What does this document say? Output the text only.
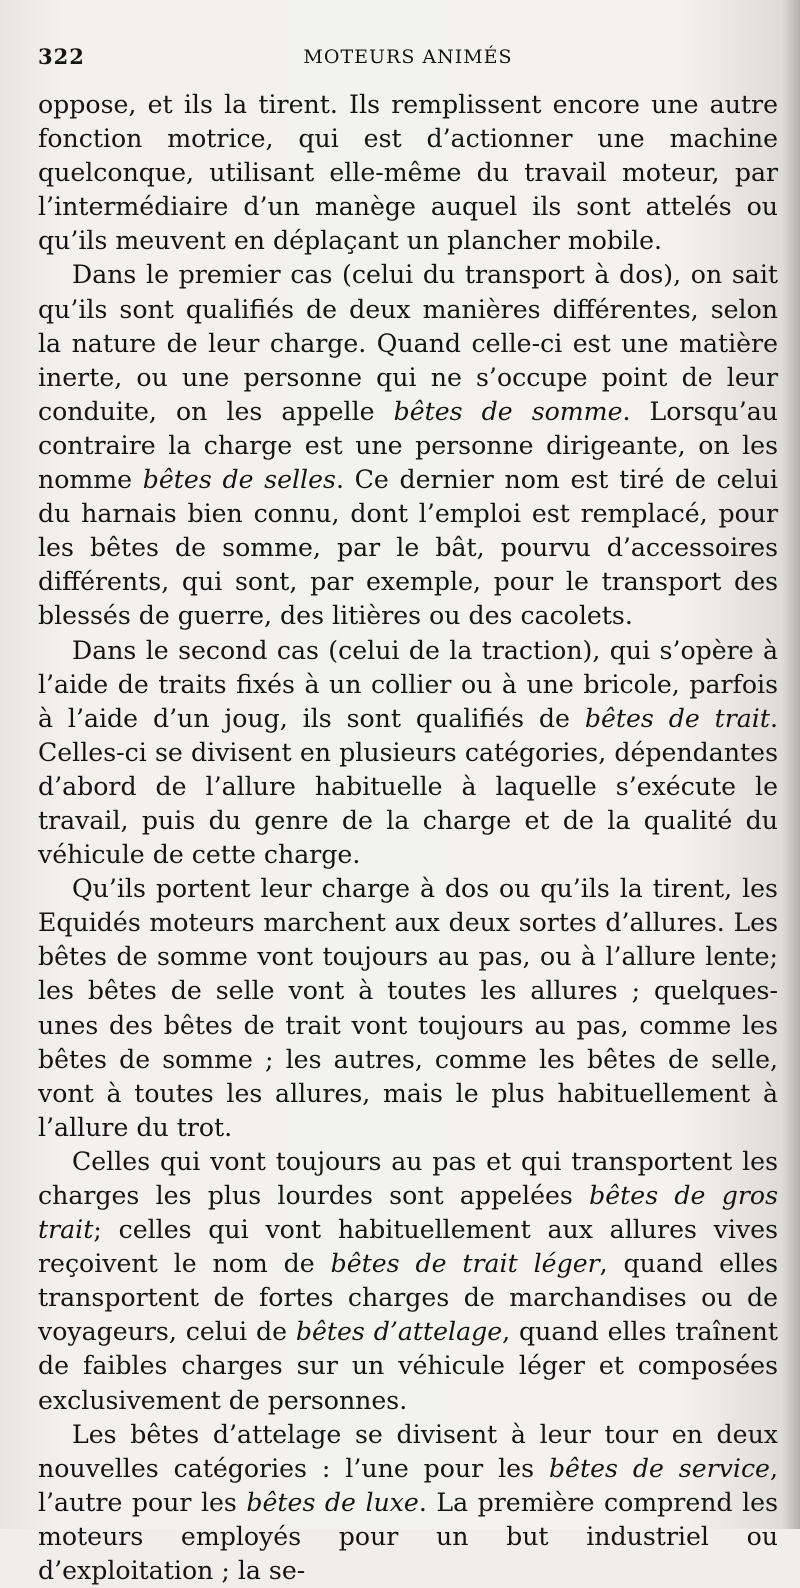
322	MOTEURS ANIMÉS

oppose, et ils la tirent. Ils remplissent encore une autre fonction motrice, qui est d’actionner une machine quelconque, utilisant elle-même du travail moteur, par l’intermédiaire d’un manège auquel ils sont attelés ou qu’ils meuvent en déplaçant un plancher mobile.

Dans le premier cas (celui du transport à dos), on sait qu’ils sont qualifiés de deux manières différentes, selon la nature de leur charge. Quand celle-ci est une matière inerte, ou une personne qui ne s’occupe point de leur conduite, on les appelle bêtes de somme. Lorsqu’au contraire la charge est une personne dirigeante, on les nomme bêtes de selles. Ce dernier nom est tiré de celui du harnais bien connu, dont l’emploi est remplacé, pour les bêtes de somme, par le bât, pourvu d’accessoires différents, qui sont, par exemple, pour le transport des blessés de guerre, des litières ou des cacolets.

Dans le second cas (celui de la traction), qui s’opère à l’aide de traits fixés à un collier ou à une bricole, parfois à l’aide d’un joug, ils sont qualifiés de bêtes de trait. Celles-ci se divisent en plusieurs catégories, dépendantes d’abord de l’allure habituelle à laquelle s’exécute le travail, puis du genre de la charge et de la qualité du véhicule de cette charge.

Qu’ils portent leur charge à dos ou qu’ils la tirent, les Equidés moteurs marchent aux deux sortes d’allures. Les bêtes de somme vont toujours au pas, ou à l’allure lente; les bêtes de selle vont à toutes les allures ; quelques-unes des bêtes de trait vont toujours au pas, comme les bêtes de somme ; les autres, comme les bêtes de selle, vont à toutes les allures, mais le plus habituellement à l’allure du trot.

Celles qui vont toujours au pas et qui transportent les charges les plus lourdes sont appelées bêtes de gros trait; celles qui vont habituellement aux allures vives reçoivent le nom de bêtes de trait léger, quand elles transportent de fortes charges de marchandises ou de voyageurs, celui de bêtes d’attelage, quand elles traînent de faibles charges sur un véhicule léger et composées exclusivement de personnes.

Les bêtes d’attelage se divisent à leur tour en deux nouvelles catégories : l’une pour les bêtes de service, l’autre pour les bêtes de luxe. La première comprend les moteurs employés pour un but industriel ou d’exploitation ; la se-
